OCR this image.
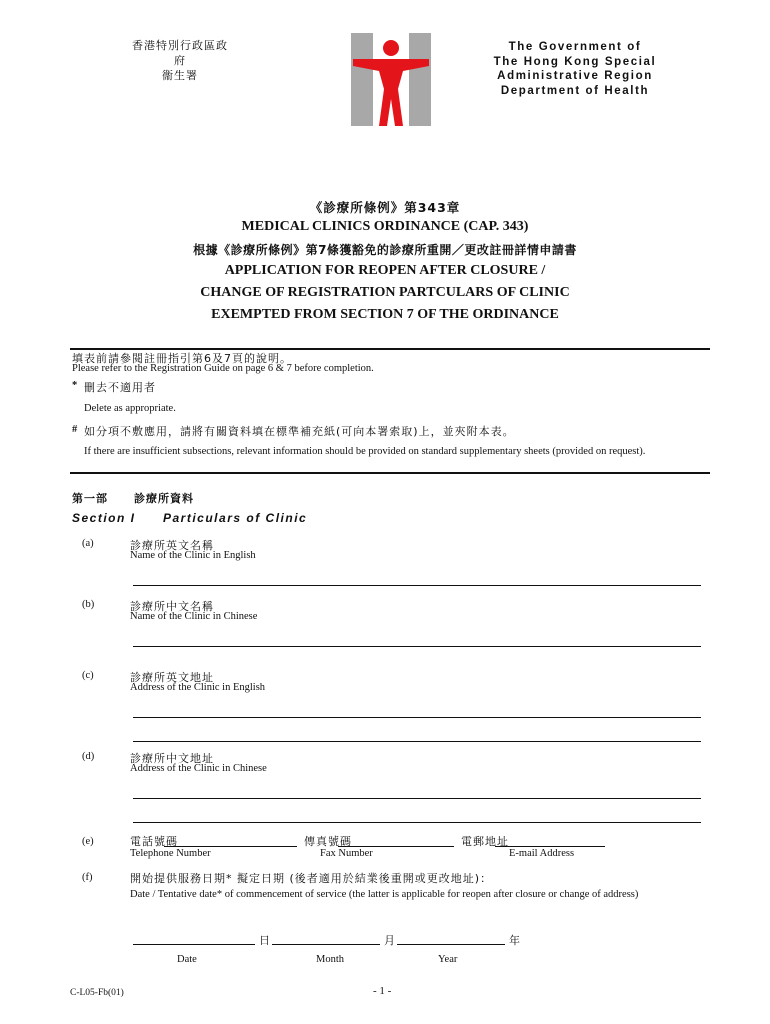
香港特別行政區政府
衞生署
The Government of
The Hong Kong Special
Administrative Region
Department of Health
《診療所條例》第343章
MEDICAL CLINICS ORDINANCE (CAP. 343)
根據《診療所條例》第7條獲豁免的診療所重開／更改註冊詳情申請書
APPLICATION FOR REOPEN AFTER CLOSURE /
CHANGE OF REGISTRATION PARTCULARS OF CLINIC
EXEMPTED FROM SECTION 7 OF THE ORDINANCE
填表前請參閱註冊指引第6及7頁的說明。
Please refer to the Registration Guide on page 6 & 7 before completion.
* 刪去不適用者
Delete as appropriate.
# 如分項不敷應用，請將有關資料填在標準補充紙(可向本署索取)上，並夾附本表。
If there are insufficient subsections, relevant information should be provided on standard supplementary sheets (provided on request).
第一部 診療所資料
Section I Particulars of Clinic
(a)	診療所英文名稱
Name of the Clinic in English
(b)	診療所中文名稱
Name of the Clinic in Chinese
(c)	診療所英文地址
Address of the Clinic in English
(d)	診療所中文地址
Address of the Clinic in Chinese
(e)	電話號碼
Telephone Number
傳真號碼
Fax Number
電郵地址
E-mail Address
(f)	開始提供服務日期* 擬定日期 (後者適用於結業後重開或更改地址)：
Date / Tentative date* of commencement of service (the latter is applicable for reopen after closure or change of address)
日	月	年
Date	Month	Year
C-L05-Fb(01)	- 1 -
